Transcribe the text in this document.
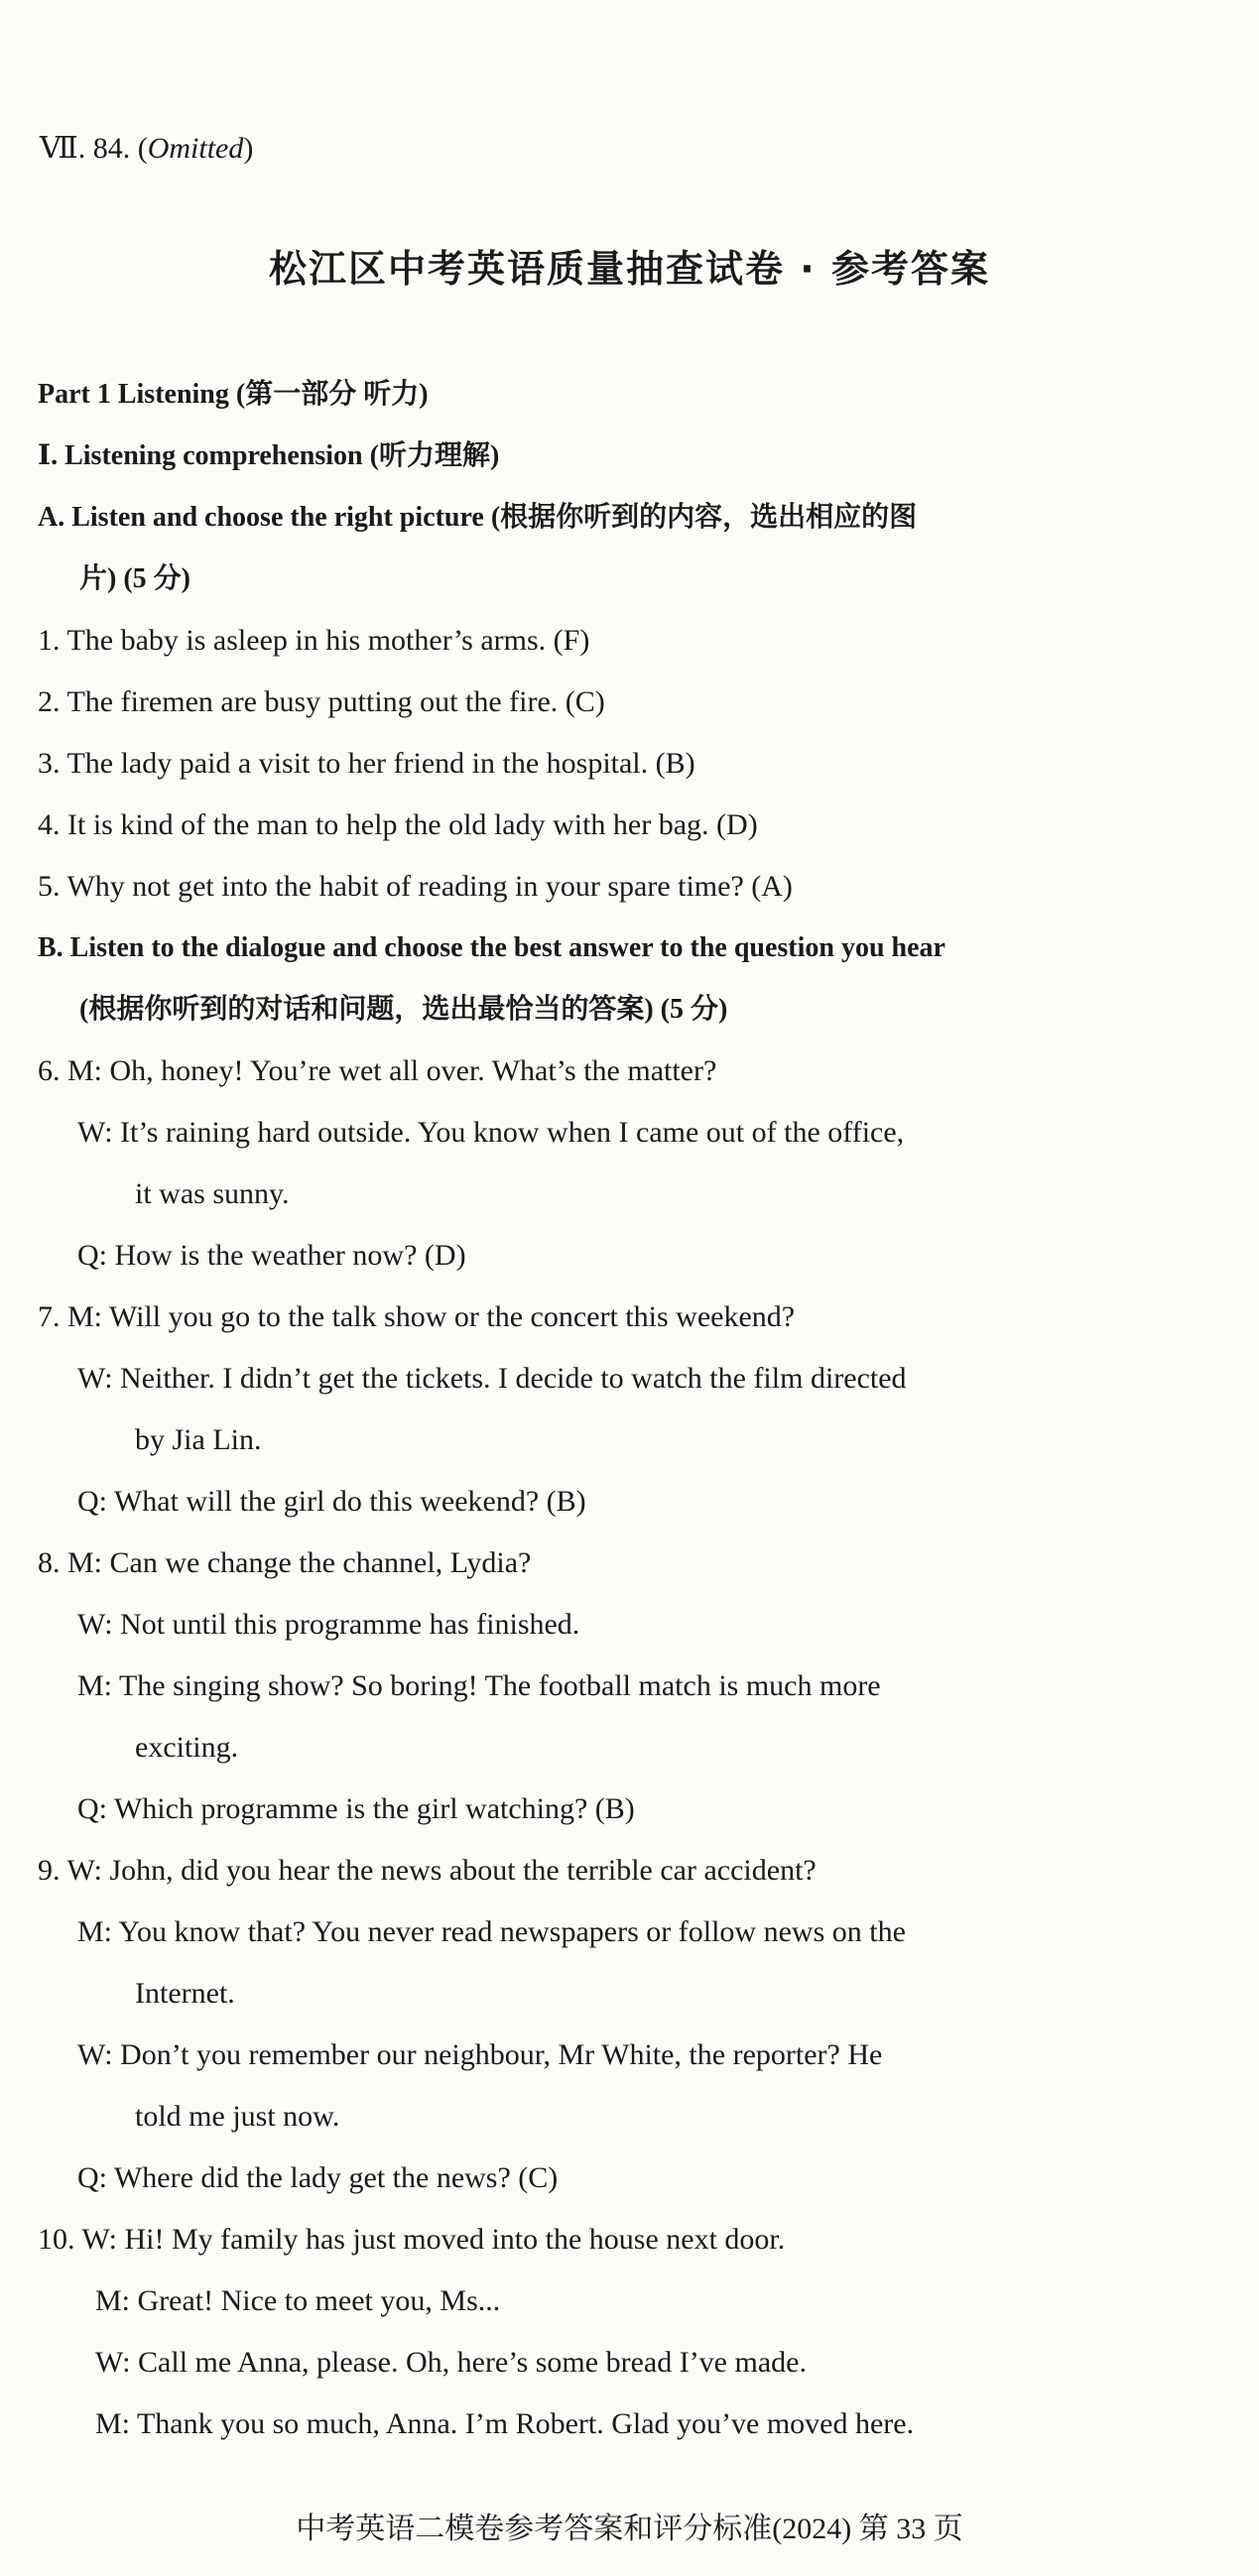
Ⅶ. 84. (Omitted)
松江区中考英语质量抽查试卷 · 参考答案
Part 1 Listening (第一部分 听力)
Ⅰ. Listening comprehension (听力理解)
A. Listen and choose the right picture (根据你听到的内容，选出相应的图
片) (5 分)
1. The baby is asleep in his mother’s arms. (F)
2. The firemen are busy putting out the fire. (C)
3. The lady paid a visit to her friend in the hospital. (B)
4. It is kind of the man to help the old lady with her bag. (D)
5. Why not get into the habit of reading in your spare time? (A)
B. Listen to the dialogue and choose the best answer to the question you hear
(根据你听到的对话和问题，选出最恰当的答案) (5 分)
6. M: Oh, honey! You’re wet all over. What’s the matter?
W: It’s raining hard outside. You know when I came out of the office,
it was sunny.
Q: How is the weather now? (D)
7. M: Will you go to the talk show or the concert this weekend?
W: Neither. I didn’t get the tickets. I decide to watch the film directed
by Jia Lin.
Q: What will the girl do this weekend? (B)
8. M: Can we change the channel, Lydia?
W: Not until this programme has finished.
M: The singing show? So boring! The football match is much more
exciting.
Q: Which programme is the girl watching? (B)
9. W: John, did you hear the news about the terrible car accident?
M: You know that? You never read newspapers or follow news on the
Internet.
W: Don’t you remember our neighbour, Mr White, the reporter? He
told me just now.
Q: Where did the lady get the news? (C)
10. W: Hi! My family has just moved into the house next door.
M: Great! Nice to meet you, Ms...
W: Call me Anna, please. Oh, here’s some bread I’ve made.
M: Thank you so much, Anna. I’m Robert. Glad you’ve moved here.
中考英语二模卷参考答案和评分标准(2024) 第 33 页
